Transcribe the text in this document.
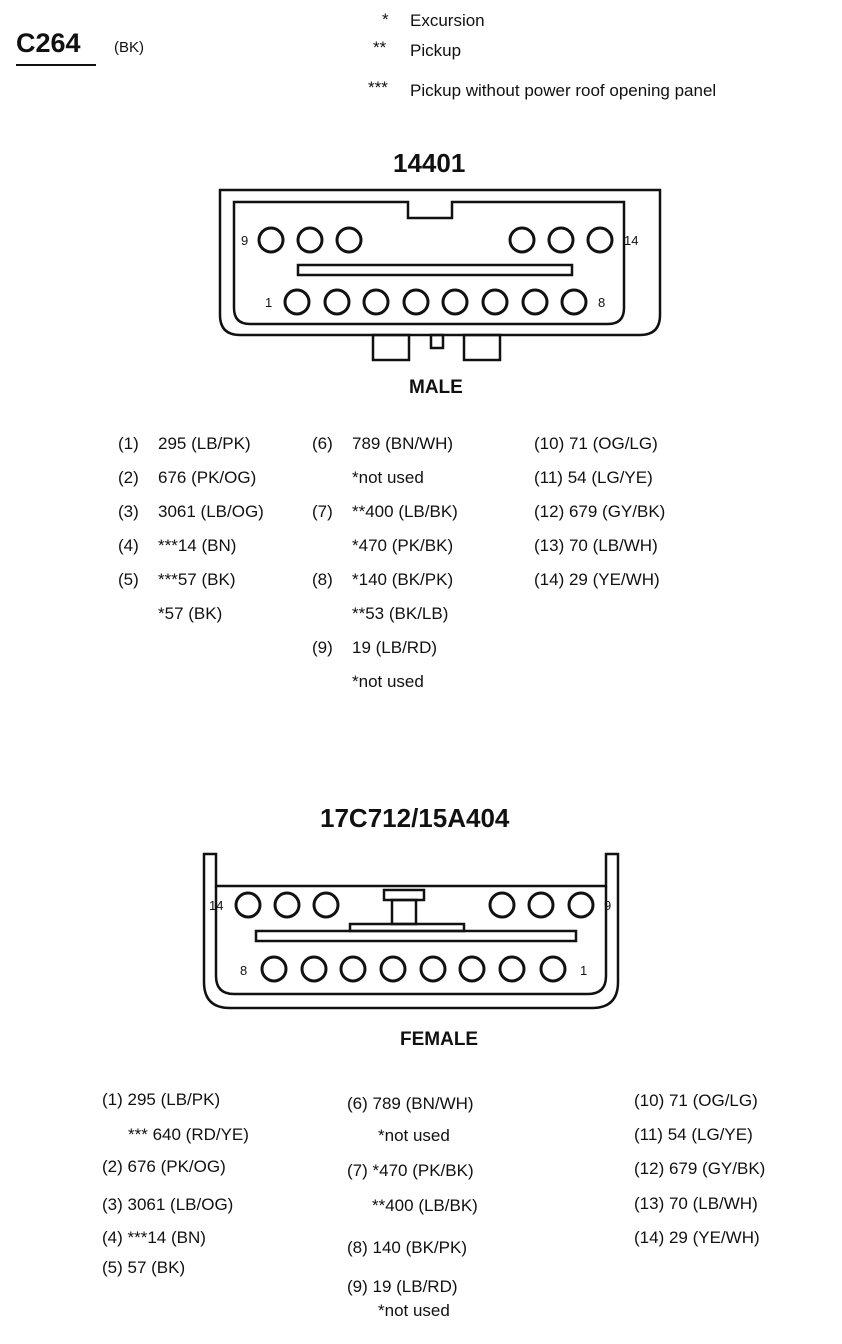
C264 (BK)
* Excursion
** Pickup
*** Pickup without power roof opening panel
14401
9	14
1	8
MALE
(1) 295 (LB/PK)
(2) 676 (PK/OG)
(3) 3061 (LB/OG)
(4) ***14 (BN)
(5) ***57 (BK)
*57 (BK)
(6) 789 (BN/WH)
*not used
(7) **400 (LB/BK)
*470 (PK/BK)
(8) *140 (BK/PK)
**53 (BK/LB)
(9) 19 (LB/RD)
*not used
(10) 71 (OG/LG)
(11) 54 (LG/YE)
(12) 679 (GY/BK)
(13) 70 (LB/WH)
(14) 29 (YE/WH)
17C712/15A404
14	9
8	1
FEMALE
(1) 295 (LB/PK)
*** 640 (RD/YE)
(2) 676 (PK/OG)
(3) 3061 (LB/OG)
(4) ***14 (BN)
(5) 57 (BK)
(6) 789 (BN/WH)
*not used
(7) *470 (PK/BK)
**400 (LB/BK)
(8) 140 (BK/PK)
(9) 19 (LB/RD)
*not used
(10) 71 (OG/LG)
(11) 54 (LG/YE)
(12) 679 (GY/BK)
(13) 70 (LB/WH)
(14) 29 (YE/WH)
